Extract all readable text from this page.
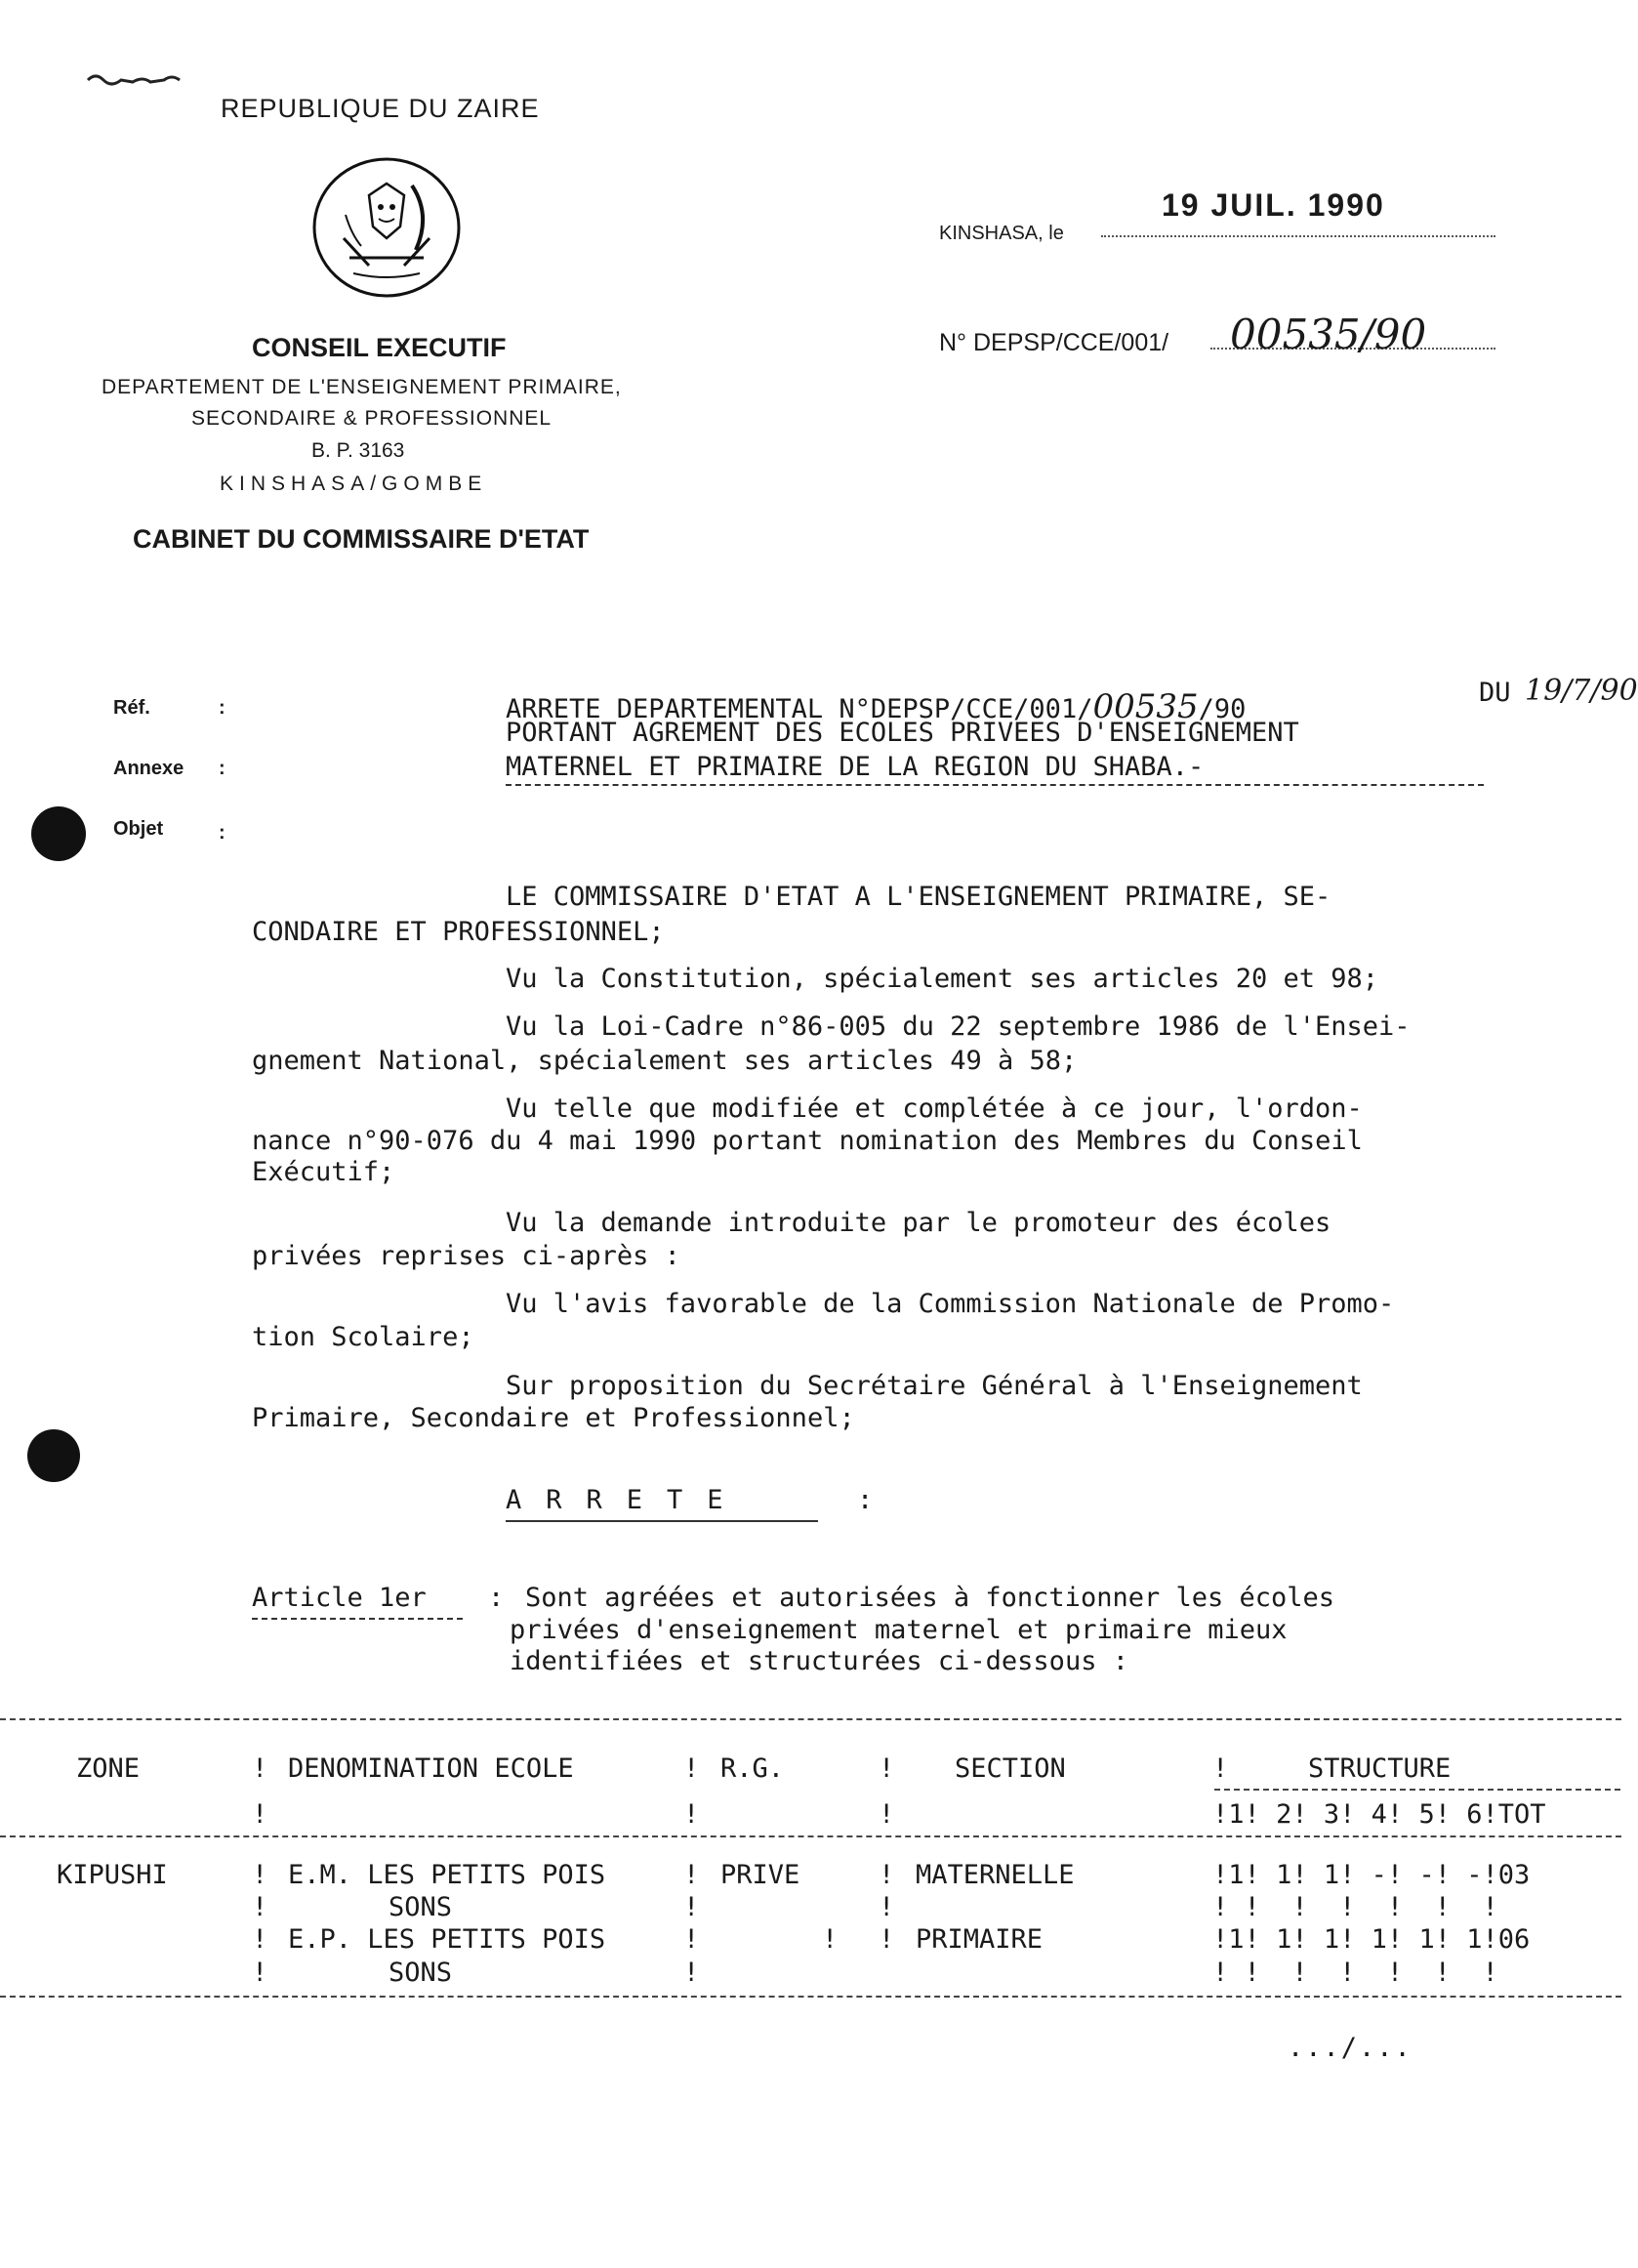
REPUBLIQUE DU ZAIRE
CONSEIL EXECUTIF
DEPARTEMENT DE L'ENSEIGNEMENT PRIMAIRE,
SECONDAIRE & PROFESSIONNEL
B. P. 3163
KINSHASA/GOMBE
CABINET DU COMMISSAIRE D'ETAT
KINSHASA, le
19 JUIL. 1990
N° DEPSP/CCE/001/ 00535/90
Réf.	:
Annexe :
Objet	:
ARRETE DEPARTEMENTAL N°DEPSP/CCE/001/00535/90
DU 19/7/90
PORTANT AGREMENT DES ECOLES PRIVEES D'ENSEIGNEMENT
MATERNEL ET PRIMAIRE DE LA REGION DU SHABA.-
LE COMMISSAIRE D'ETAT A L'ENSEIGNEMENT PRIMAIRE, SE-
CONDAIRE ET PROFESSIONNEL;
Vu la Constitution, spécialement ses articles 20 et 98;
Vu la Loi-Cadre n°86-005 du 22 septembre 1986 de l'Ensei-
gnement National, spécialement ses articles 49 à 58;
Vu telle que modifiée et complétée à ce jour, l'ordon-
nance n°90-076 du 4 mai 1990 portant nomination des Membres du Conseil
Exécutif;
Vu la demande introduite par le promoteur des écoles
privées reprises ci-après :
Vu l'avis favorable de la Commission Nationale de Promo-
tion Scolaire;
Sur proposition du Secrétaire Général à l'Enseignement
Primaire, Secondaire et Professionnel;
ARRETE	:
Article 1er : Sont agréées et autorisées à fonctionner les écoles
privées d'enseignement maternel et primaire mieux
identifiées et structurées ci-dessous :
ZONE	! DENOMINATION ECOLE	! R.G.	! SECTION	!	STRUCTURE
!	!	!	!1! 2! 3! 4! 5! 6!TOT
KIPUSHI	! E.M. LES PETITS POIS	! PRIVE	! MATERNELLE	!1! 1! 1! -! -! -!03
!	SONS	!	!	! ! ! ! ! ! !
! E.P. LES PETITS POIS	!	! ! PRIMAIRE	!1! 1! 1! 1! 1! 1!06
!	SONS	!	! ! ! ! ! ! !
.../...
